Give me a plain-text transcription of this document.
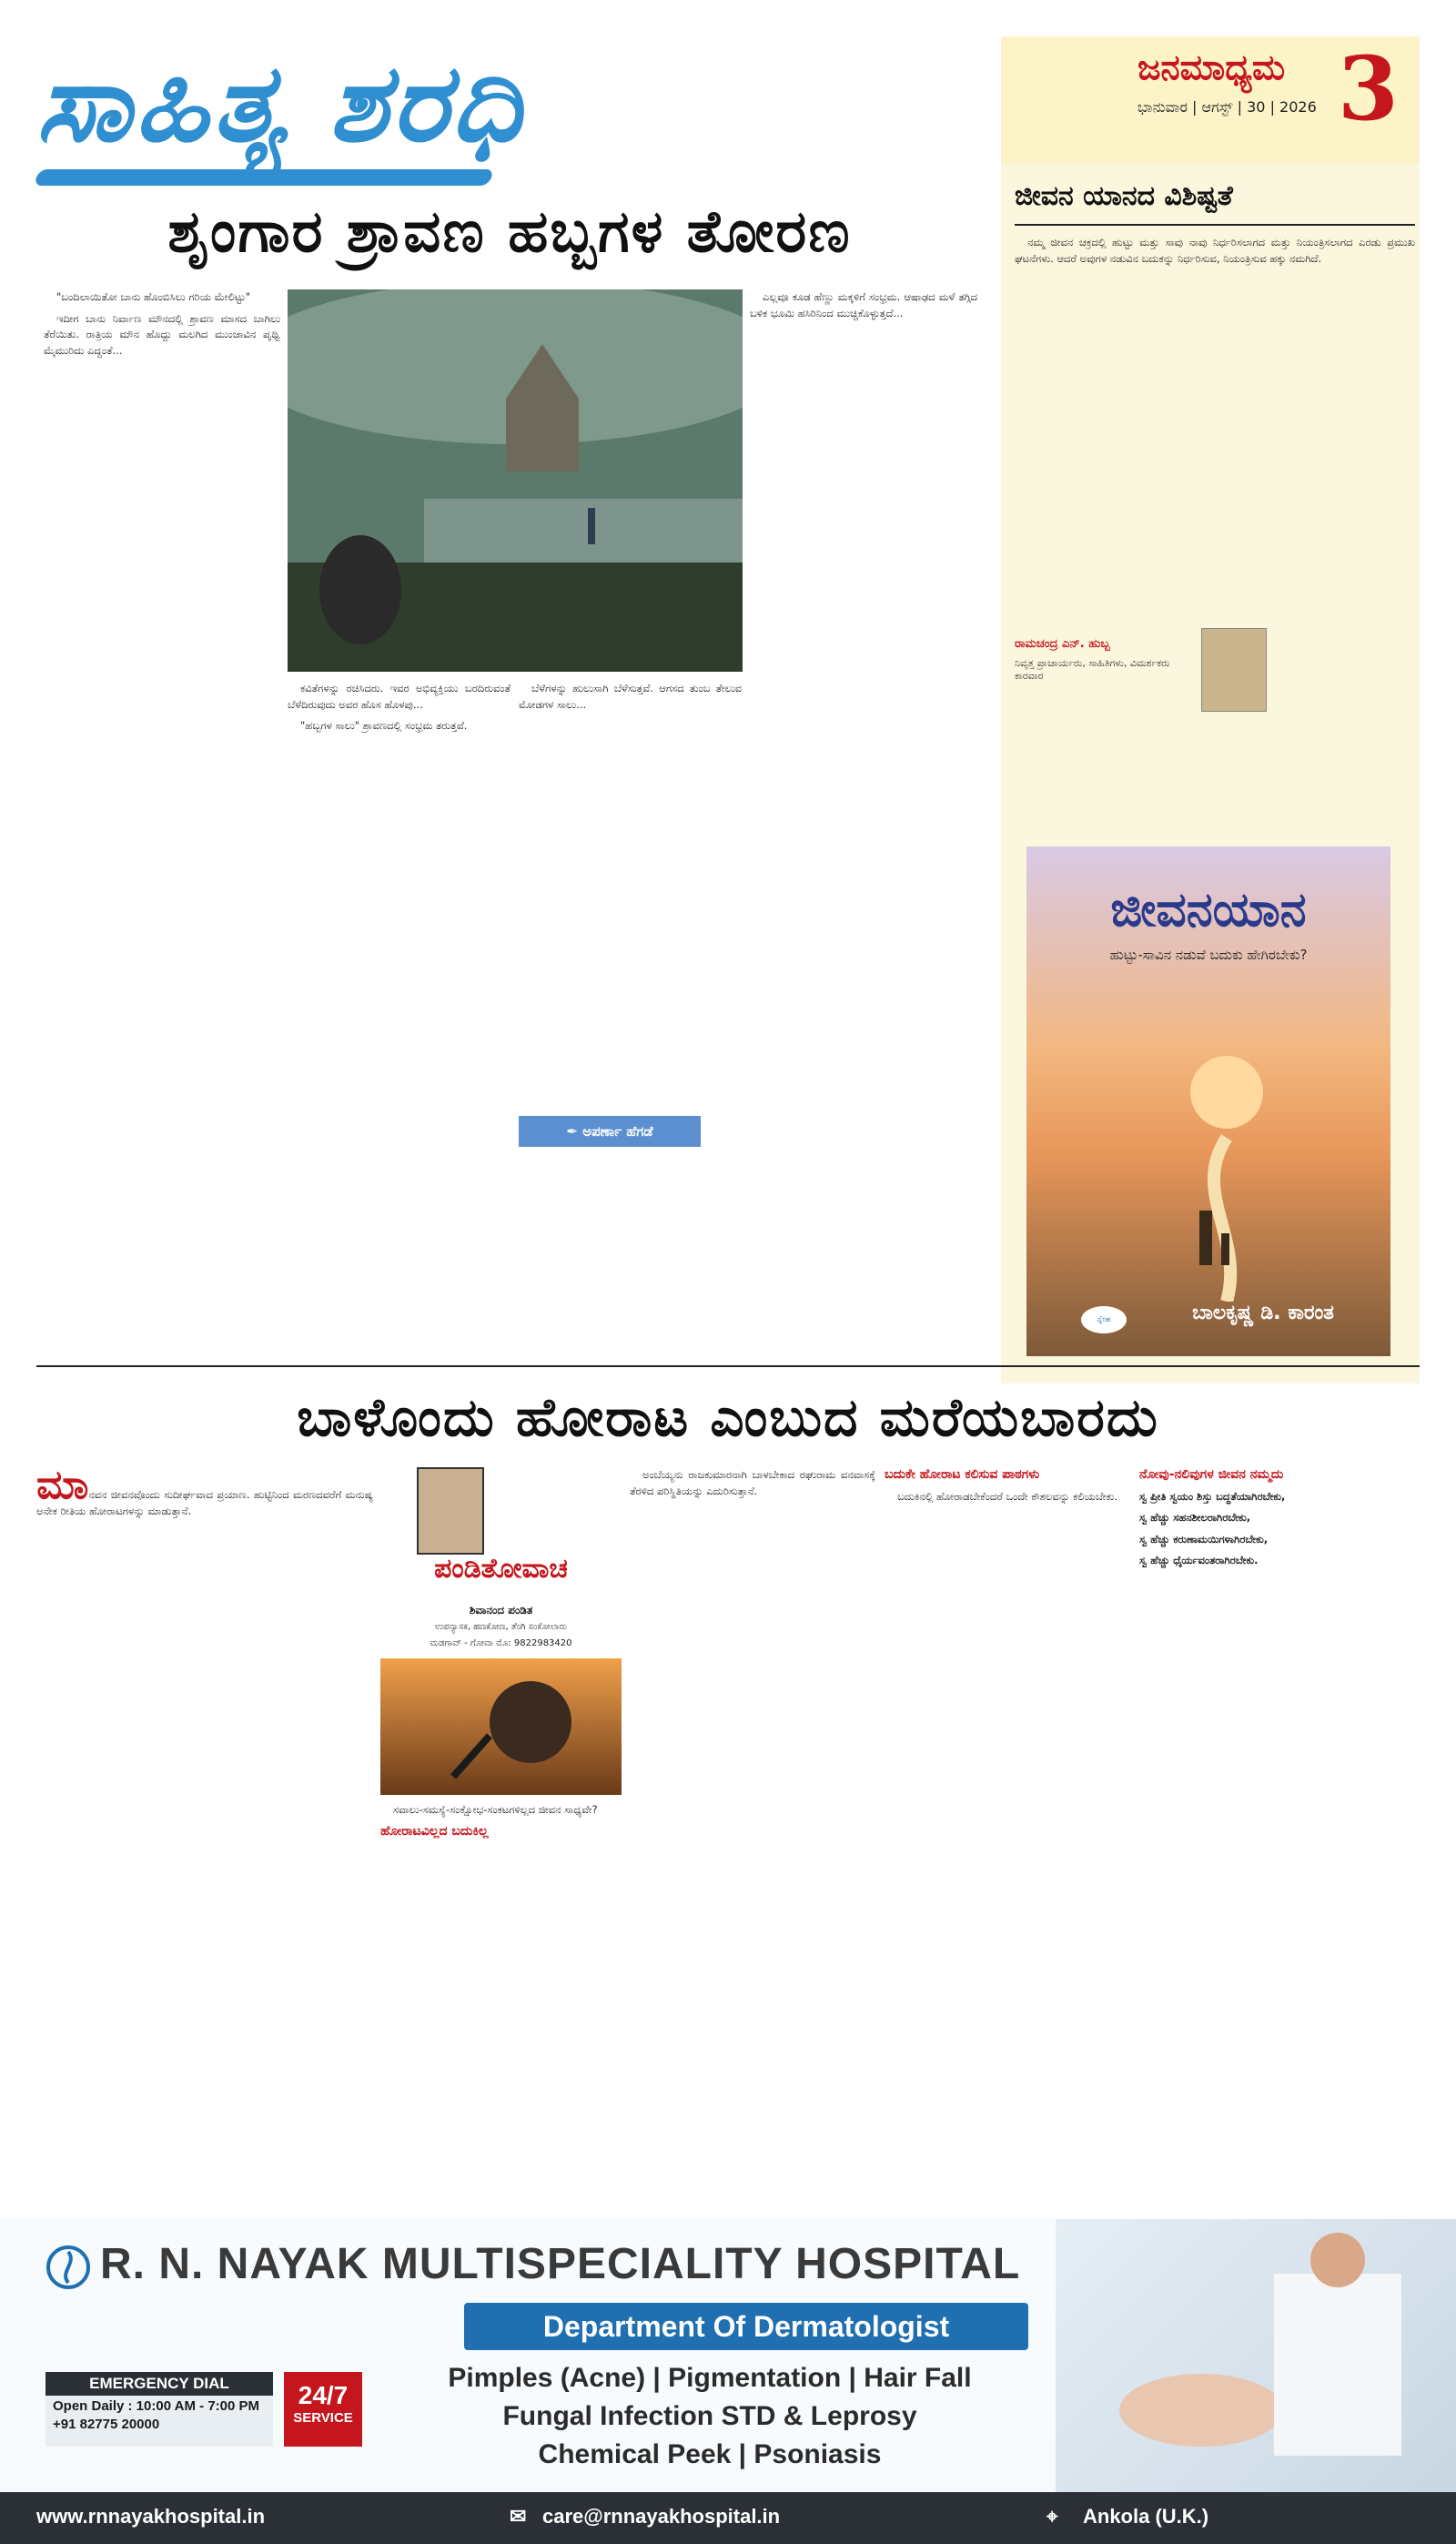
ಸಾಹಿತ್ಯ ಶರಧಿ	ಜನಮಾಧ್ಯಮ
ಭಾನುವಾರ | ಆಗಸ್ಟ್ | 30 | 2026 3
ಶೃಂಗಾರ ಶ್ರಾವಣ ಹಬ್ಬಗಳ ತೋರಣ

"ಬಂದಿಲಾಯಿತೋ ಬಾನು ಹೊಂಬಿಸಿಲು ಗರಿಯ ಮೇಲಿಟ್ಟು"

ಇದೀಗ ಬಾನು ನಿರ್ವಾಣ ಮೌನದಲ್ಲಿ ಶ್ರಾವಣ ಮಾಸದ ಬಾಗಿಲು ತೆರೆಯಿತು. ರಾತ್ರಿಯ ಮೌನ ಹೊದ್ದು ಮಲಗಿದ ಮುಂಜಾವಿನ ಪೃಥ್ವಿ ಮೈಮುರಿದು ಎದ್ದಂತೆ...

ಕವಿತೆಗಳನ್ನು ರಚಿಸಿದರು. ಇವರ ಅಭಿವ್ಯಕ್ತಿಯು ಬರದಿರುವಂತೆ ಬೆಳೆದಿರುವುದು ಅವರ ಹೊಸ ಹೊಳಪು...

"ಹಬ್ಬಗಳ ಸಾಲು" ಶ್ರಾವಣದಲ್ಲಿ ಸಂಭ್ರಮ ತರುತ್ತವೆ.

ಬೆಳೆಗಳನ್ನು ಹುಲುಸಾಗಿ ಬೆಳೆಸುತ್ತವೆ. ಆಗಸದ ತುಂಬ ತೇಲುವ ಮೋಡಗಳ ಸಾಲು...

✒ ಅಪರ್ಣಾ ಹೆಗಡೆ

ಎಲ್ಲವೂ ಕೂಡ ಹೆಣ್ಣು ಮಕ್ಕಳಿಗೆ ಸಂಭ್ರಮ. ಆಷಾಢದ ಮಳೆ ತಗ್ಗಿದ ಬಳಿಕ ಭೂಮಿ ಹಸಿರಿನಿಂದ ಮುಚ್ಚಿಕೊಳ್ಳುತ್ತದೆ...

ಜೀವನ ಯಾನದ ವಿಶಿಷ್ಟತೆ

ನಮ್ಮ ಜೀವನ ಚಕ್ರದಲ್ಲಿ ಹುಟ್ಟು ಮತ್ತು ಸಾವು ನಾವು ನಿರ್ಧರಿಸಲಾಗದ ಮತ್ತು ನಿಯಂತ್ರಿಸಲಾಗದ ಎರಡು ಪ್ರಮುಖ ಘಟನೆಗಳು. ಆದರೆ ಅವುಗಳ ನಡುವಿನ ಬದುಕನ್ನು ನಿರ್ಧರಿಸುವ, ನಿಯಂತ್ರಿಸುವ ಹಕ್ಕು ನಮಗಿದೆ.

ರಾಮಚಂದ್ರ ಎನ್. ಹುಬ್ಬ
ನಿವೃತ್ತ ಪ್ರಾಚಾರ್ಯರು, ಸಾಹಿತಿಗಳು, ವಿಮರ್ಶಕರು ಕಾರವಾರ
ಜೀವನಯಾನ
ಹುಟ್ಟು-ಸಾವಿನ ನಡುವೆ ಬದುಕು ಹೇಗಿರಬೇಕು?
ಬಾಲಕೃಷ್ಣ ಡಿ. ಕಾರಂತ
ಸ್ನೇಹ
ಬಾಳೊಂದು ಹೋರಾಟ ಎಂಬುದ ಮರೆಯಬಾರದು

ಮಾನವನ ಜೀವನವೊಂದು ಸುದೀರ್ಘವಾದ ಪ್ರಯಾಣ. ಹುಟ್ಟಿನಿಂದ ಮರಣದವರೆಗೆ ಮನುಷ್ಯ ಅನೇಕ ರೀತಿಯ ಹೋರಾಟಗಳನ್ನು ಮಾಡುತ್ತಾನೆ.

ಪಂಡಿತೋವಾಚ
ಶಿವಾನಂದ ಪಂಡಿತ
ಉಪನ್ಯಾಸಕ, ಹಣಕೋಣ, ತೆಂಗಿ ಸಂಕೋಲಾರು
ಮಡಗಾವ್ - ಗೋವಾ ಮೊ: 9822983420

ಸವಾಲು-ಸಮಸ್ಯೆ-ಸಂಕ್ಷೋಭ-ಸಂಕಟಗಳಿಲ್ಲದ ಜೀವನ ಸಾಧ್ಯವೇ?

ಹೋರಾಟವಿಲ್ಲದ ಬದುಕಿಲ್ಲ

ಅಂಬೆಯ್ಯನು ರಾಜಕುಮಾರನಾಗಿ ಬಾಳಬೇಕಾದ ರಘುರಾಮ ವನವಾಸಕ್ಕೆ ತೆರಳಿದ ಪರಿಸ್ಥಿತಿಯನ್ನು ಎದುರಿಸುತ್ತಾನೆ.

ಬದುಕೇ ಹೋರಾಟ ಕಲಿಸುವ ಪಾಠಗಳು

ಬದುಕಿನಲ್ಲಿ ಹೋರಾಡಬೇಕೆಂದರೆ ಒಂದೇ ಕೌಶಲವನ್ನು ಕಲಿಯಬೇಕು.

ನೋವು-ನಲಿವುಗಳ ಜೀವನ ನಮ್ಮದು

ಸ್ವ ಪ್ರೀತಿ ಸ್ವಯಂ ಶಿಸ್ತು ಬದ್ಧತೆಯಾಗಿರಬೇಕು,

ಸ್ವ ಹೆಚ್ಚು ಸಹನಶೀಲರಾಗಿರಬೇಕು,

ಸ್ವ ಹೆಚ್ಚು ಕರುಣಾಮಯಿಗಳಾಗಿರಬೇಕು,

ಸ್ವ ಹೆಚ್ಚು ಧೈರ್ಯವಂತರಾಗಿರಬೇಕು.

R. N. NAYAK MULTISPECIALITY HOSPITAL
Department Of Dermatologist
Pimples (Acne) | Pigmentation | Hair Fall
Fungal Infection STD & Leprosy
Chemical Peek | Psoniasis
EMERGENCY DIAL
Open Daily : 10:00 AM - 7:00 PM
+91 82775 20000
24/7
SERVICE
www.rnnayakhospital.in	✉ care@rnnayakhospital.in	⌖ Ankola (U.K.)
